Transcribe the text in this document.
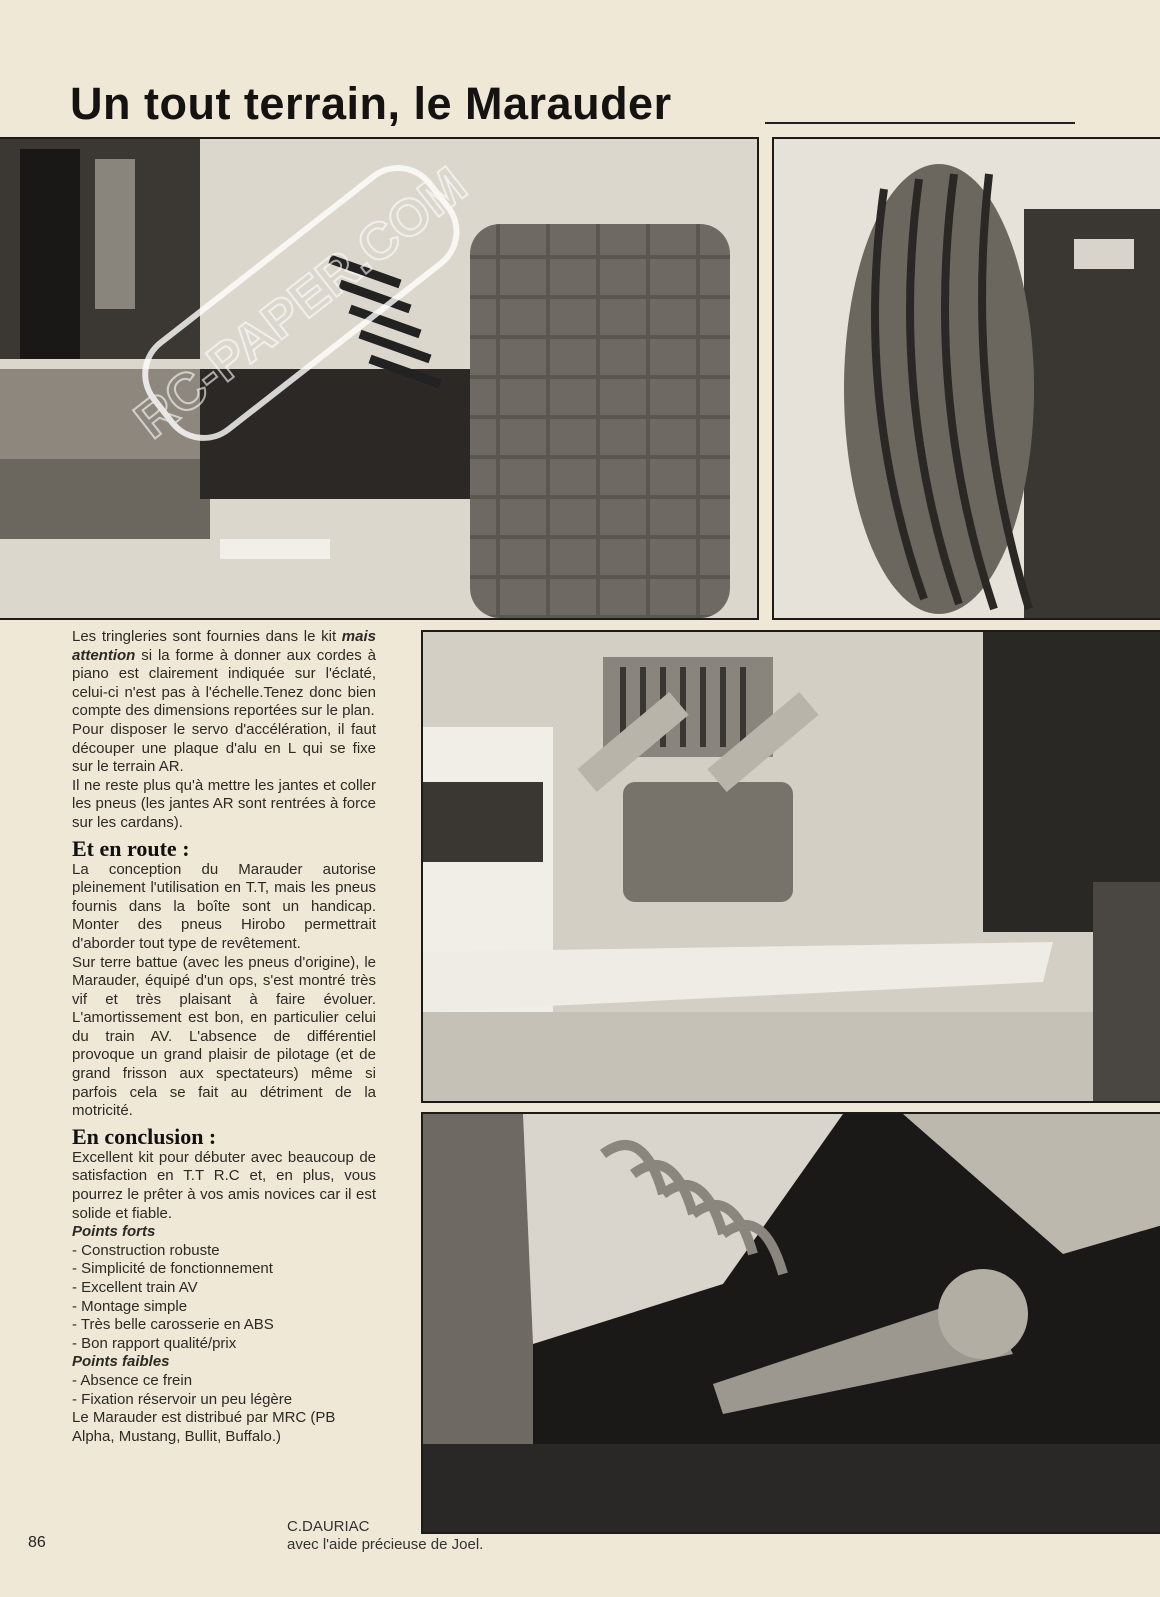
Un tout terrain, le Marauder
RC-PAPER.COM

Les tringleries sont fournies dans le kit mais attention si la forme à donner aux cordes à piano est clairement indiquée sur l'éclaté, celui-ci n'est pas à l'échelle.Tenez donc bien compte des dimensions reportées sur le plan.

Pour disposer le servo d'accélération, il faut découper une plaque d'alu en L qui se fixe sur le terrain AR.

Il ne reste plus qu'à mettre les jantes et coller les pneus (les jantes AR sont rentrées à force sur les cardans).

Et en route :

La conception du Marauder autorise pleinement l'utilisation en T.T, mais les pneus fournis dans la boîte sont un handicap. Monter des pneus Hirobo permettrait d'aborder tout type de revêtement.

Sur terre battue (avec les pneus d'origine), le Marauder, équipé d'un ops, s'est montré très vif et très plaisant à faire évoluer. L'amortissement est bon, en particulier celui du train AV. L'absence de différentiel provoque un grand plaisir de pilotage (et de grand frisson aux spectateurs) même si parfois cela se fait au détriment de la motricité.

En conclusion :

Excellent kit pour débuter avec beaucoup de satisfaction en T.T R.C et, en plus, vous pourrez le prêter à vos amis novices car il est solide et fiable.

Points forts
- Construction robuste
- Simplicité de fonctionnement
- Excellent train AV
- Montage simple
- Très belle carosserie en ABS
- Bon rapport qualité/prix
Points faibles
- Absence ce frein
- Fixation réservoir un peu légère

Le Marauder est distribué par MRC (PB Alpha, Mustang, Bullit, Buffalo.)

86
C.DAURIAC
avec l'aide précieuse de Joel.
